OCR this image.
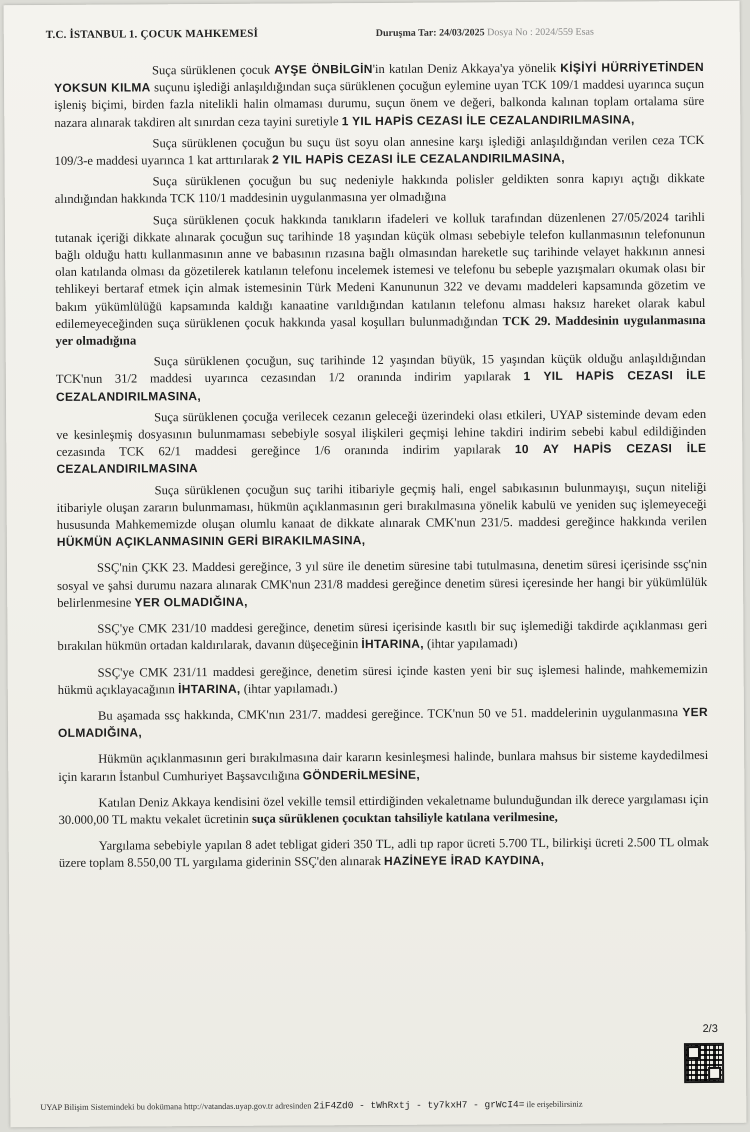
T.C. İSTANBUL 1. ÇOCUK MAHKEMESİ	Duruşma Tar: 24/03/2025 Dosya No : 2024/559 Esas

Suça sürüklenen çocuk AYŞE ÖNBİLGİN'in katılan Deniz Akkaya'ya yönelik KİŞİYİ HÜRRİYETİNDEN YOKSUN KILMA suçunu işlediği anlaşıldığından suça sürüklenen çocuğun eylemine uyan TCK 109/1 maddesi uyarınca suçun işleniş biçimi, birden fazla nitelikli halin olmaması durumu, suçun önem ve değeri, balkonda kalınan toplam ortalama süre nazara alınarak takdiren alt sınırdan ceza tayini suretiyle 1 YIL HAPİS CEZASI İLE CEZALANDIRILMASINA,

Suça sürüklenen çocuğun bu suçu üst soyu olan annesine karşı işlediği anlaşıldığından verilen ceza TCK 109/3-e maddesi uyarınca 1 kat arttırılarak 2 YIL HAPİS CEZASI İLE CEZALANDIRILMASINA,

Suça sürüklenen çocuğun bu suç nedeniyle hakkında polisler geldikten sonra kapıyı açtığı dikkate alındığından hakkında TCK 110/1 maddesinin uygulanmasına yer olmadığına

Suça sürüklenen çocuk hakkında tanıkların ifadeleri ve kolluk tarafından düzenlenen 27/05/2024 tarihli tutanak içeriği dikkate alınarak çocuğun suç tarihinde 18 yaşından küçük olması sebebiyle telefon kullanmasının telefonunun bağlı olduğu hattı kullanmasının anne ve babasının rızasına bağlı olmasından hareketle suç tarihinde velayet hakkının annesi olan katılanda olması da gözetilerek katılanın telefonu incelemek istemesi ve telefonu bu sebeple yazışmaları okumak olası bir tehlikeyi bertaraf etmek için almak istemesinin Türk Medeni Kanununun 322 ve devamı maddeleri kapsamında gözetim ve bakım yükümlülüğü kapsamında kaldığı kanaatine varıldığından katılanın telefonu alması haksız hareket olarak kabul edilemeyeceğinden suça sürüklenen çocuk hakkında yasal koşulları bulunmadığından TCK 29. Maddesinin uygulanmasına yer olmadığına

Suça sürüklenen çocuğun, suç tarihinde 12 yaşından büyük, 15 yaşından küçük olduğu anlaşıldığından TCK'nun 31/2 maddesi uyarınca cezasından 1/2 oranında indirim yapılarak 1 YIL HAPİS CEZASI İLE CEZALANDIRILMASINA,

Suça sürüklenen çocuğa verilecek cezanın geleceği üzerindeki olası etkileri, UYAP sisteminde devam eden ve kesinleşmiş dosyasının bulunmaması sebebiyle sosyal ilişkileri geçmişi lehine takdiri indirim sebebi kabul edildiğinden cezasında TCK 62/1 maddesi gereğince 1/6 oranında indirim yapılarak 10 AY HAPİS CEZASI İLE CEZALANDIRILMASINA

Suça sürüklenen çocuğun suç tarihi itibariyle geçmiş hali, engel sabıkasının bulunmayışı, suçun niteliği itibariyle oluşan zararın bulunmaması, hükmün açıklanmasının geri bırakılmasına yönelik kabulü ve yeniden suç işlemeyeceği hususunda Mahkememizde oluşan olumlu kanaat de dikkate alınarak CMK'nun 231/5. maddesi gereğince hakkında verilen HÜKMÜN AÇIKLANMASININ GERİ BIRAKILMASINA,

SSÇ'nin ÇKK 23. Maddesi gereğince, 3 yıl süre ile denetim süresine tabi tutulmasına, denetim süresi içerisinde ssç'nin sosyal ve şahsi durumu nazara alınarak CMK'nun 231/8 maddesi gereğince denetim süresi içeresinde her hangi bir yükümlülük belirlenmesine YER OLMADIĞINA,

SSÇ'ye CMK 231/10 maddesi gereğince, denetim süresi içerisinde kasıtlı bir suç işlemediği takdirde açıklanması geri bırakılan hükmün ortadan kaldırılarak, davanın düşeceğinin İHTARINA, (ihtar yapılamadı)

SSÇ'ye CMK 231/11 maddesi gereğince, denetim süresi içinde kasten yeni bir suç işlemesi halinde, mahkememizin hükmü açıklayacağının İHTARINA, (ihtar yapılamadı.)

Bu aşamada ssç hakkında, CMK'nın 231/7. maddesi gereğince. TCK'nun 50 ve 51. maddelerinin uygulanmasına YER OLMADIĞINA,

Hükmün açıklanmasının geri bırakılmasına dair kararın kesinleşmesi halinde, bunlara mahsus bir sisteme kaydedilmesi için kararın İstanbul Cumhuriyet Başsavcılığına GÖNDERİLMESİNE,

Katılan Deniz Akkaya kendisini özel vekille temsil ettirdiğinden vekaletname bulunduğundan ilk derece yargılaması için 30.000,00 TL maktu vekalet ücretinin suça sürüklenen çocuktan tahsiliyle katılana verilmesine,

Yargılama sebebiyle yapılan 8 adet tebligat gideri 350 TL, adli tıp rapor ücreti 5.700 TL, bilirkişi ücreti 2.500 TL olmak üzere toplam 8.550,00 TL yargılama giderinin SSÇ'den alınarak HAZİNEYE İRAD KAYDINA,

2/3
UYAP Bilişim Sistemindeki bu dokümana http://vatandas.uyap.gov.tr adresinden 2iF4Zd0 - tWhRxtj - ty7kxH7 - grWcI4= ile erişebilirsiniz
